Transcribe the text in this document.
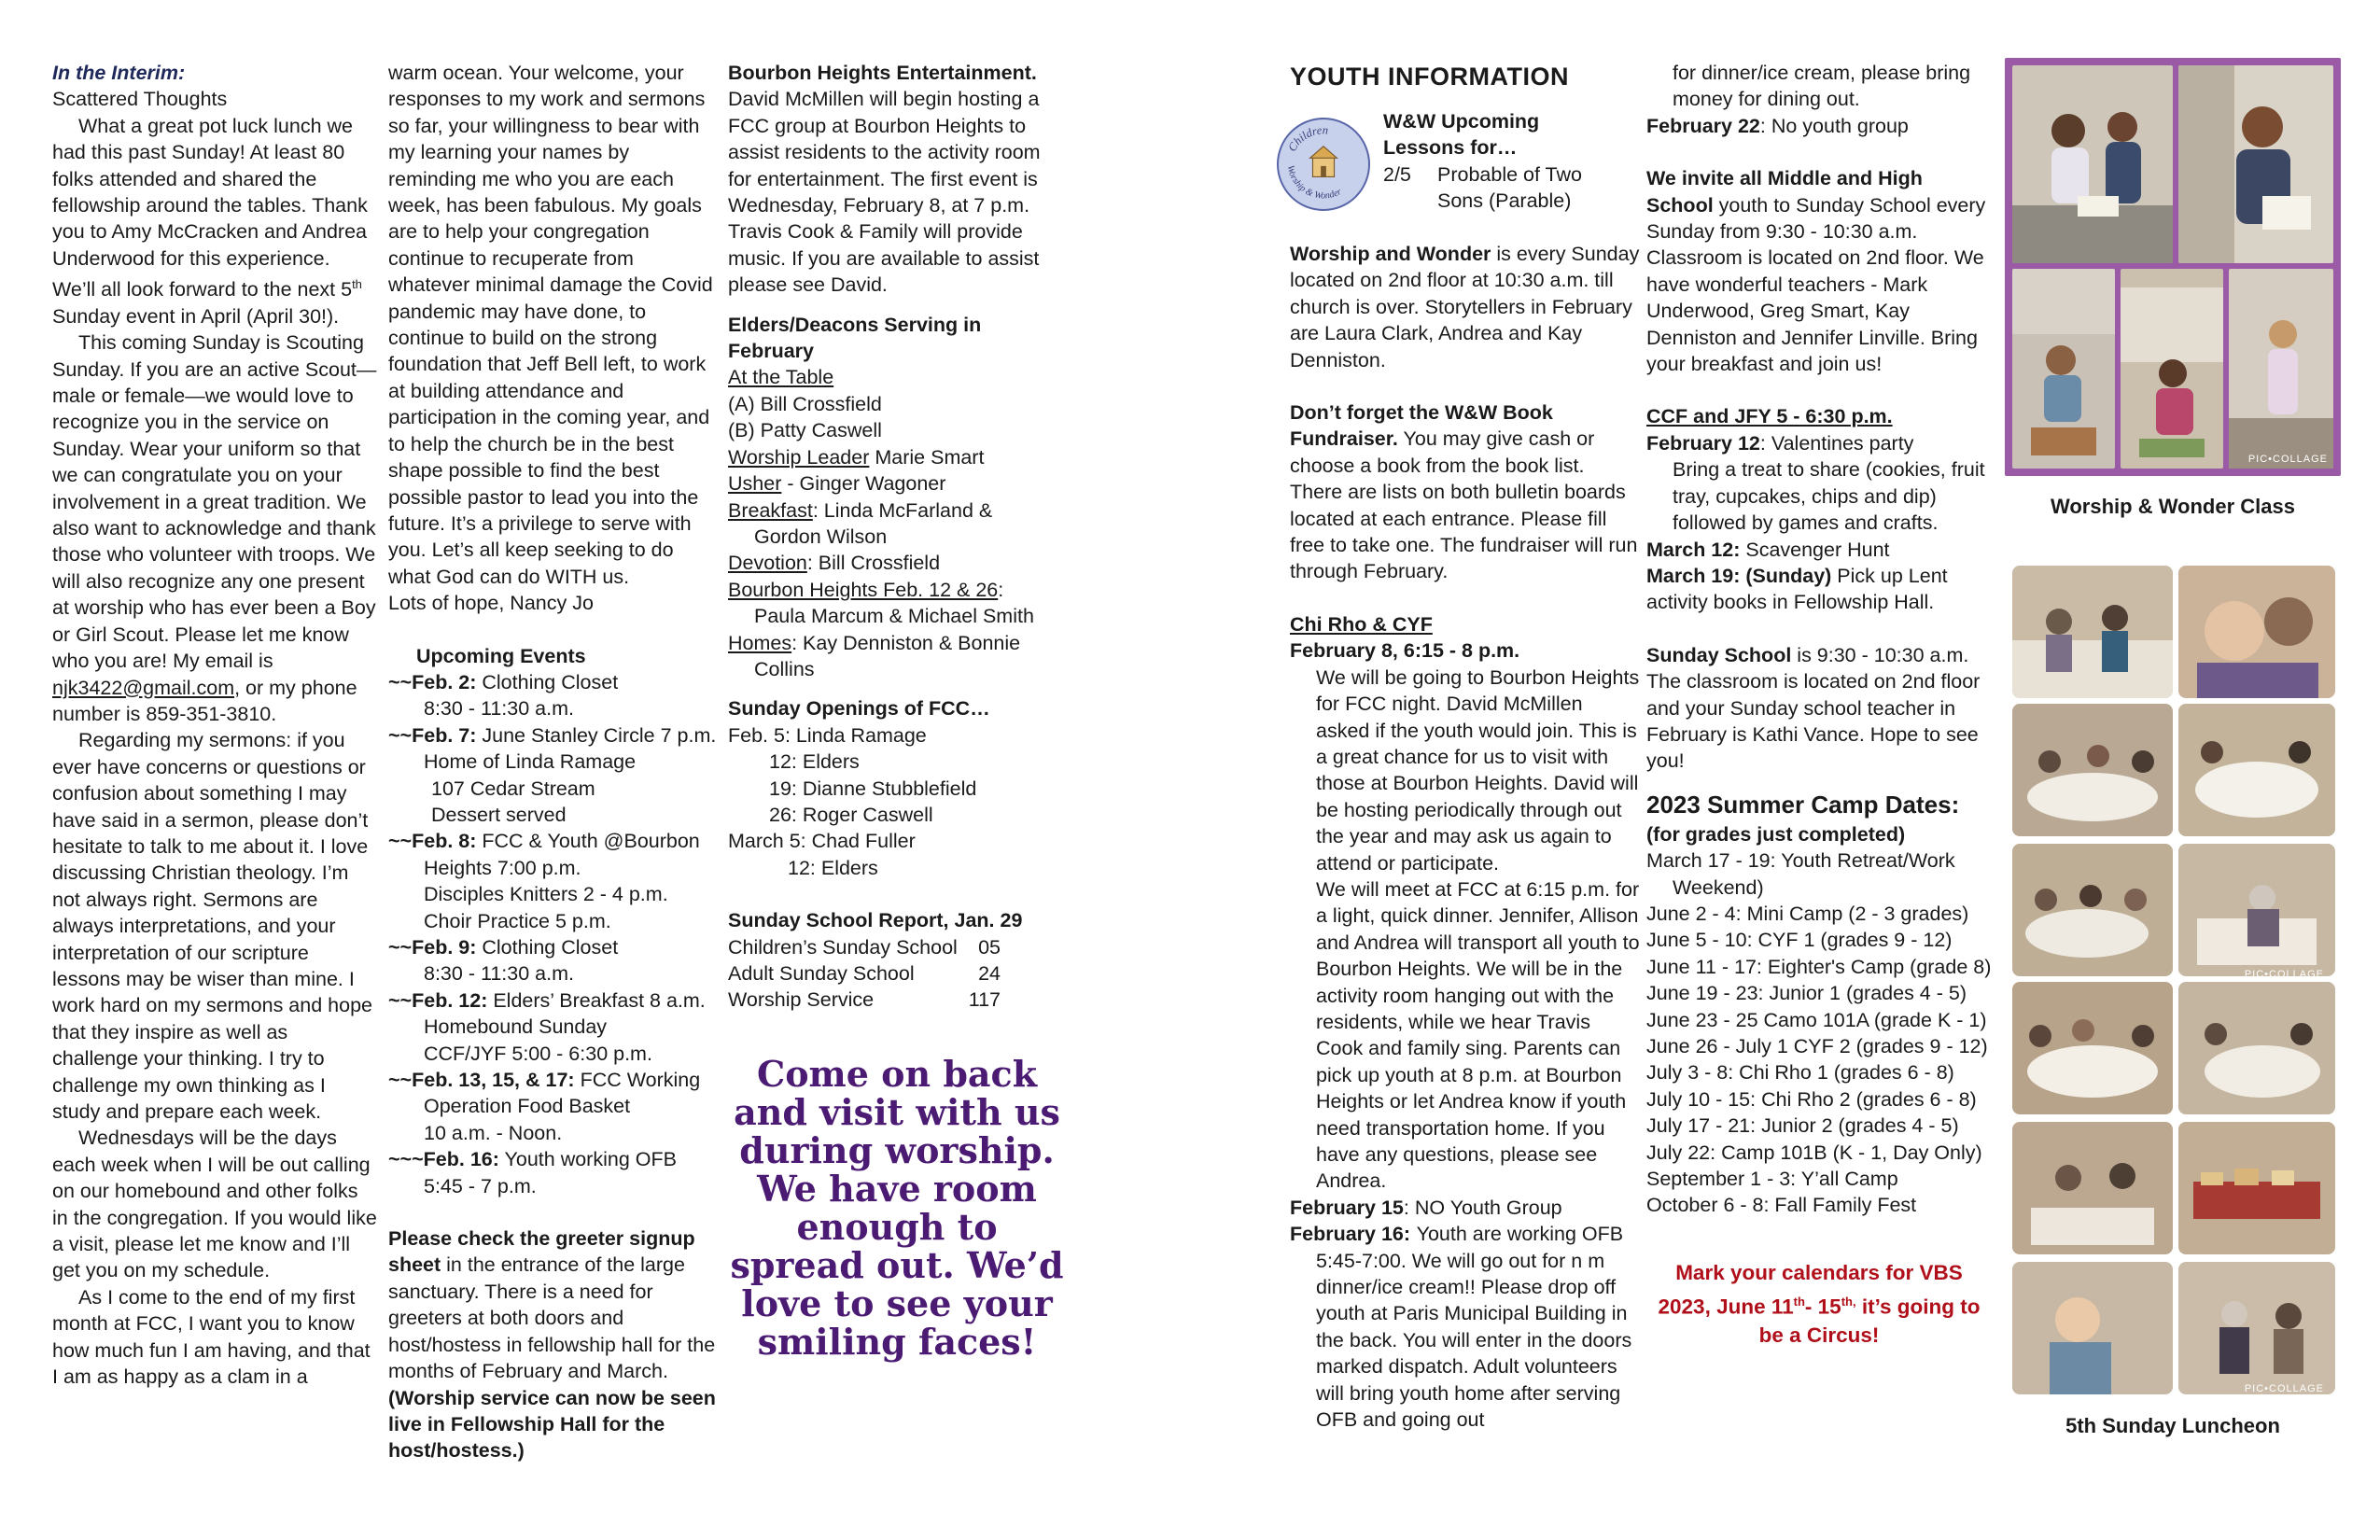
In the Interim:

Scattered Thoughts

What a great pot luck lunch we had this past Sunday! At least 80 folks attended and shared the fellowship around the tables. Thank you to Amy McCracken and Andrea Underwood for this experience. We’ll all look forward to the next 5th Sunday event in April (April 30!).

This coming Sunday is Scouting Sunday. If you are an active Scout—male or female—we would love to recognize you in the service on Sunday. Wear your uniform so that we can congratulate you on your involvement in a great tradition. We also want to acknowledge and thank those who volunteer with troops. We will also recognize any one present at worship who has ever been a Boy or Girl Scout. Please let me know who you are! My email is njk3422@gmail.com, or my phone number is 859-351-3810.

Regarding my sermons: if you ever have concerns or questions or confusion about something I may have said in a sermon, please don’t hesitate to talk to me about it. I love discussing Christian theology. I’m not always right. Sermons are always interpretations, and your interpretation of our scripture lessons may be wiser than mine. I work hard on my sermons and hope that they inspire as well as challenge your thinking. I try to challenge my own thinking as I study and prepare each week.

Wednesdays will be the days each week when I will be out calling on our homebound and other folks in the congregation. If you would like a visit, please let me know and I’ll get you on my schedule.

As I come to the end of my first month at FCC, I want you to know how much fun I am having, and that I am as happy as a clam in a

warm ocean. Your welcome, your responses to my work and sermons so far, your willingness to bear with my learning your names by reminding me who you are each week, has been fabulous. My goals are to help your congregation continue to recuperate from whatever minimal damage the Covid pandemic may have done, to continue to build on the strong foundation that Jeff Bell left, to work at building attendance and participation in the coming year, and to help the church be in the best shape possible to find the best possible pastor to lead you into the future. It’s a privilege to serve with you. Let’s all keep seeking to do what God can do WITH us.

Lots of hope, Nancy Jo

Upcoming Events

~~Feb. 2: Clothing Closet

8:30 - 11:30 a.m.

~~Feb. 7: June Stanley Circle 7 p.m.

Home of Linda Ramage

107 Cedar Stream

Dessert served

~~Feb. 8: FCC & Youth @Bourbon

Heights 7:00 p.m.

Disciples Knitters 2 - 4 p.m.

Choir Practice 5 p.m.

~~Feb. 9: Clothing Closet

8:30 - 11:30 a.m.

~~Feb. 12: Elders’ Breakfast 8 a.m.

Homebound Sunday

CCF/JYF 5:00 - 6:30 p.m.

~~Feb. 13, 15, & 17: FCC Working

Operation Food Basket

10 a.m. - Noon.

~~~Feb. 16: Youth working OFB

5:45 - 7 p.m.

Please check the greeter signup sheet in the entrance of the large sanctuary. There is a need for greeters at both doors and host/hostess in fellowship hall for the months of February and March.

(Worship service can now be seen live in Fellowship Hall for the host/hostess.)

Bourbon Heights Entertainment.

David McMillen will begin hosting a FCC group at Bourbon Heights to assist residents to the activity room for entertainment. The first event is Wednesday, February 8, at 7 p.m. Travis Cook & Family will provide music. If you are available to assist please see David.

Elders/Deacons Serving in February

At the Table

(A) Bill Crossfield

(B) Patty Caswell

Worship Leader Marie Smart

Usher - Ginger Wagoner

Breakfast: Linda McFarland &

Gordon Wilson

Devotion: Bill Crossfield

Bourbon Heights Feb. 12 & 26:

Paula Marcum & Michael Smith

Homes: Kay Denniston & Bonnie

Collins

Sunday Openings of FCC…

Feb. 5: Linda Ramage

12: Elders

19: Dianne Stubblefield

26: Roger Caswell

March 5: Chad Fuller

12: Elders

Sunday School Report, Jan. 29

Children’s Sunday School 05

Adult Sunday School	24

Worship Service	117

Come on back and visit with us during worship. We have room enough to spread out. We’d love to see your smiling faces!

YOUTH INFORMATION

Children
Worship & Wonder

W&W Upcoming Lessons for…

2/5	Probable of Two Sons (Parable)

Worship and Wonder is every Sunday located on 2nd floor at 10:30 a.m. till church is over. Storytellers in February are Laura Clark, Andrea and Kay Denniston.

Don’t forget the W&W Book Fundraiser. You may give cash or choose a book from the book list. There are lists on both bulletin boards located at each entrance. Please fill free to take one. The fundraiser will run through February.

Chi Rho & CYF

February 8, 6:15 - 8 p.m.

We will be going to Bourbon Heights for FCC night. David McMillen asked if the youth would join. This is a great chance for us to visit with those at Bourbon Heights. David will be hosting periodically through out the year and may ask us again to attend or participate.

We will meet at FCC at 6:15 p.m. for a light, quick dinner. Jennifer, Allison and Andrea will transport all youth to Bourbon Heights. We will be in the activity room hanging out with the residents, while we hear Travis Cook and family sing. Parents can pick up youth at 8 p.m. at Bourbon Heights or let Andrea know if youth need transportation home. If you have any questions, please see Andrea.

February 15: NO Youth Group

February 16: Youth are working OFB 5:45-7:00. We will go out for n m dinner/ice cream!! Please drop off youth at Paris Municipal Building in the back. You will enter in the doors marked dispatch. Adult volunteers will bring youth home after serving OFB and going out

for dinner/ice cream, please bring money for dining out.

February 22: No youth group

We invite all Middle and High School youth to Sunday School every Sunday from 9:30 - 10:30 a.m. Classroom is located on 2nd floor. We have wonderful teachers - Mark Underwood, Greg Smart, Kay Denniston and Jennifer Linville. Bring your breakfast and join us!

CCF and JFY 5 - 6:30 p.m.

February 12: Valentines party

Bring a treat to share (cookies, fruit tray, cupcakes, chips and dip) followed by games and crafts.

March 12: Scavenger Hunt

March 19: (Sunday) Pick up Lent activity books in Fellowship Hall.

Sunday School is 9:30 - 10:30 a.m. The classroom is located on 2nd floor and your Sunday school teacher in February is Kathi Vance. Hope to see you!

2023 Summer Camp Dates:

(for grades just completed)

March 17 - 19: Youth Retreat/Work Weekend)

June 2 - 4: Mini Camp (2 - 3 grades)

June 5 - 10: CYF 1 (grades 9 - 12)

June 11 - 17: Eighter's Camp (grade 8)

June 19 - 23: Junior 1 (grades 4 - 5)

June 23 - 25 Camo 101A (grade K - 1)

June 26 - July 1 CYF 2 (grades 9 - 12)

July 3 - 8: Chi Rho 1 (grades 6 - 8)

July 10 - 15: Chi Rho 2 (grades 6 - 8)

July 17 - 21: Junior 2 (grades 4 - 5)

July 22: Camp 101B (K - 1, Day Only)

September 1 - 3: Y’all Camp

October 6 - 8: Fall Family Fest

Mark your calendars for VBS 2023, June 11th- $15^{th,}$ it’s going to be a Circus!

PIC•COLLAGE
Worship & Wonder Class
PIC•COLLAGE
PIC•COLLAGE
5th Sunday Luncheon
